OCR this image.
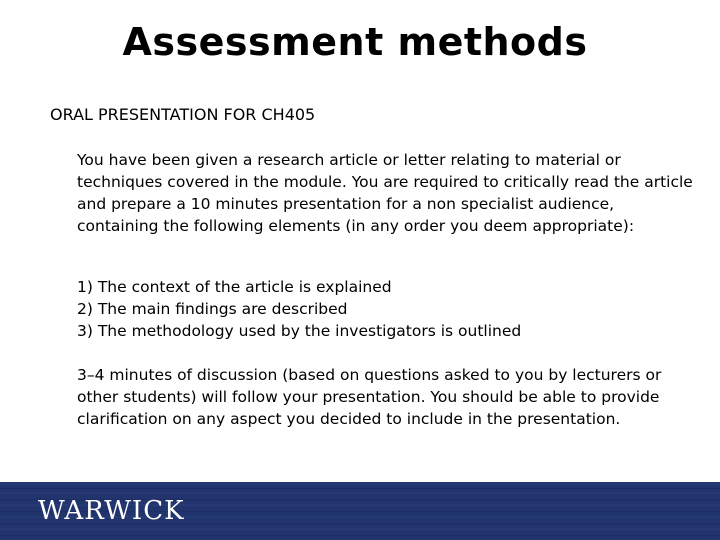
Assessment methods

ORAL PRESENTATION FOR CH405

You have been given a research article or letter relating to material or techniques covered in the module. You are required to critically read the article and prepare a 10 minutes presentation for a non specialist audience, containing the following elements (in any order you deem appropriate):

1) The context of the article is explained
2) The main findings are described
3) The methodology used by the investigators is outlined

3–4 minutes of discussion (based on questions asked to you by lecturers or other students) will follow your presentation. You should be able to provide clarification on any aspect you decided to include in the presentation.

WARWICK
